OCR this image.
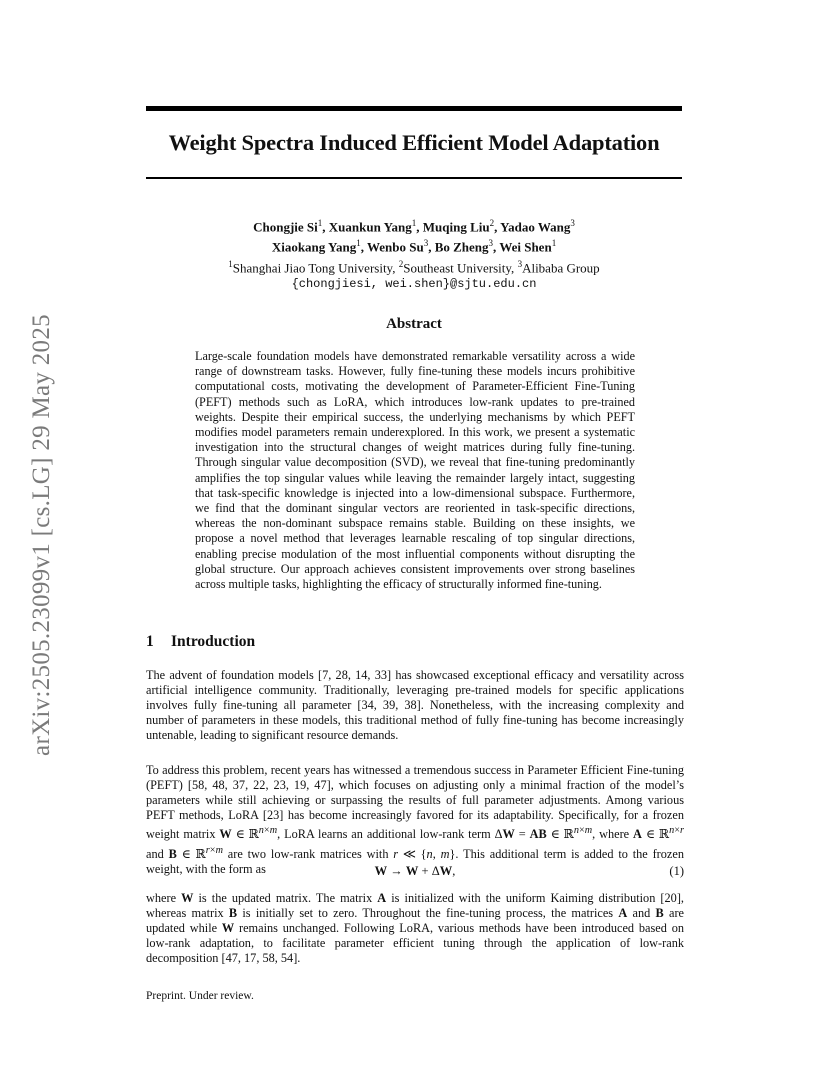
arXiv:2505.23099v1 [cs.LG] 29 May 2025
Weight Spectra Induced Efficient Model Adaptation
Chongjie Si$^1$, Xuankun Yang$^1$, Muqing Liu$^2$, Yadao Wang$^3$
Xiaokang Yang$^1$, Wenbo Su$^3$, Bo Zheng$^3$, Wei Shen$^1$
$^1$Shanghai Jiao Tong University, $^2$Southeast University, $^3$Alibaba Group
{chongjiesi, wei.shen}@sjtu.edu.cn
Abstract
Large-scale foundation models have demonstrated remarkable versatility across a wide range of downstream tasks. However, fully fine-tuning these models incurs prohibitive computational costs, motivating the development of Parameter-Efficient Fine-Tuning (PEFT) methods such as LoRA, which introduces low-rank updates to pre-trained weights. Despite their empirical success, the underlying mechanisms by which PEFT modifies model parameters remain underexplored. In this work, we present a systematic investigation into the structural changes of weight matrices during fully fine-tuning. Through singular value decomposition (SVD), we reveal that fine-tuning predominantly amplifies the top singular values while leaving the remainder largely intact, suggesting that task-specific knowledge is injected into a low-dimensional subspace. Furthermore, we find that the dominant singular vectors are reoriented in task-specific directions, whereas the non-dominant subspace remains stable. Building on these insights, we propose a novel method that leverages learnable rescaling of top singular directions, enabling precise modulation of the most influential components without disrupting the global structure. Our approach achieves consistent improvements over strong baselines across multiple tasks, highlighting the efficacy of structurally informed fine-tuning.
1 Introduction

The advent of foundation models [7, 28, 14, 33] has showcased exceptional efficacy and versatility across artificial intelligence community. Traditionally, leveraging pre-trained models for specific applications involves fully fine-tuning all parameter [34, 39, 38]. Nonetheless, with the increasing complexity and number of parameters in these models, this traditional method of fully fine-tuning has become increasingly untenable, leading to significant resource demands.

To address this problem, recent years has witnessed a tremendous success in Parameter Efficient Fine-tuning (PEFT) [58, 48, 37, 22, 23, 19, 47], which focuses on adjusting only a minimal fraction of the model’s parameters while still achieving or surpassing the results of full parameter adjustments. Among various PEFT methods, LoRA [23] has become increasingly favored for its adaptability. Specifically, for a frozen weight matrix W ∈ ℝ$^{n\times m}$, LoRA learns an additional low-rank term ΔW = AB ∈ ℝ$^{n\times m}$, where A ∈ ℝ$^{n\times r}$ and B ∈ ℝ$^{r\times m}$ are two low-rank matrices with r ≪ {n, m}. This additional term is added to the frozen weight, with the form as	W → W + ΔW,	(1)

where W is the updated matrix. The matrix A is initialized with the uniform Kaiming distribution [20], whereas matrix B is initially set to zero. Throughout the fine-tuning process, the matrices A and B are updated while W remains unchanged. Following LoRA, various methods have been introduced based on low-rank adaptation, to facilitate parameter efficient tuning through the application of low-rank decomposition [47, 17, 58, 54].

Preprint. Under review.
